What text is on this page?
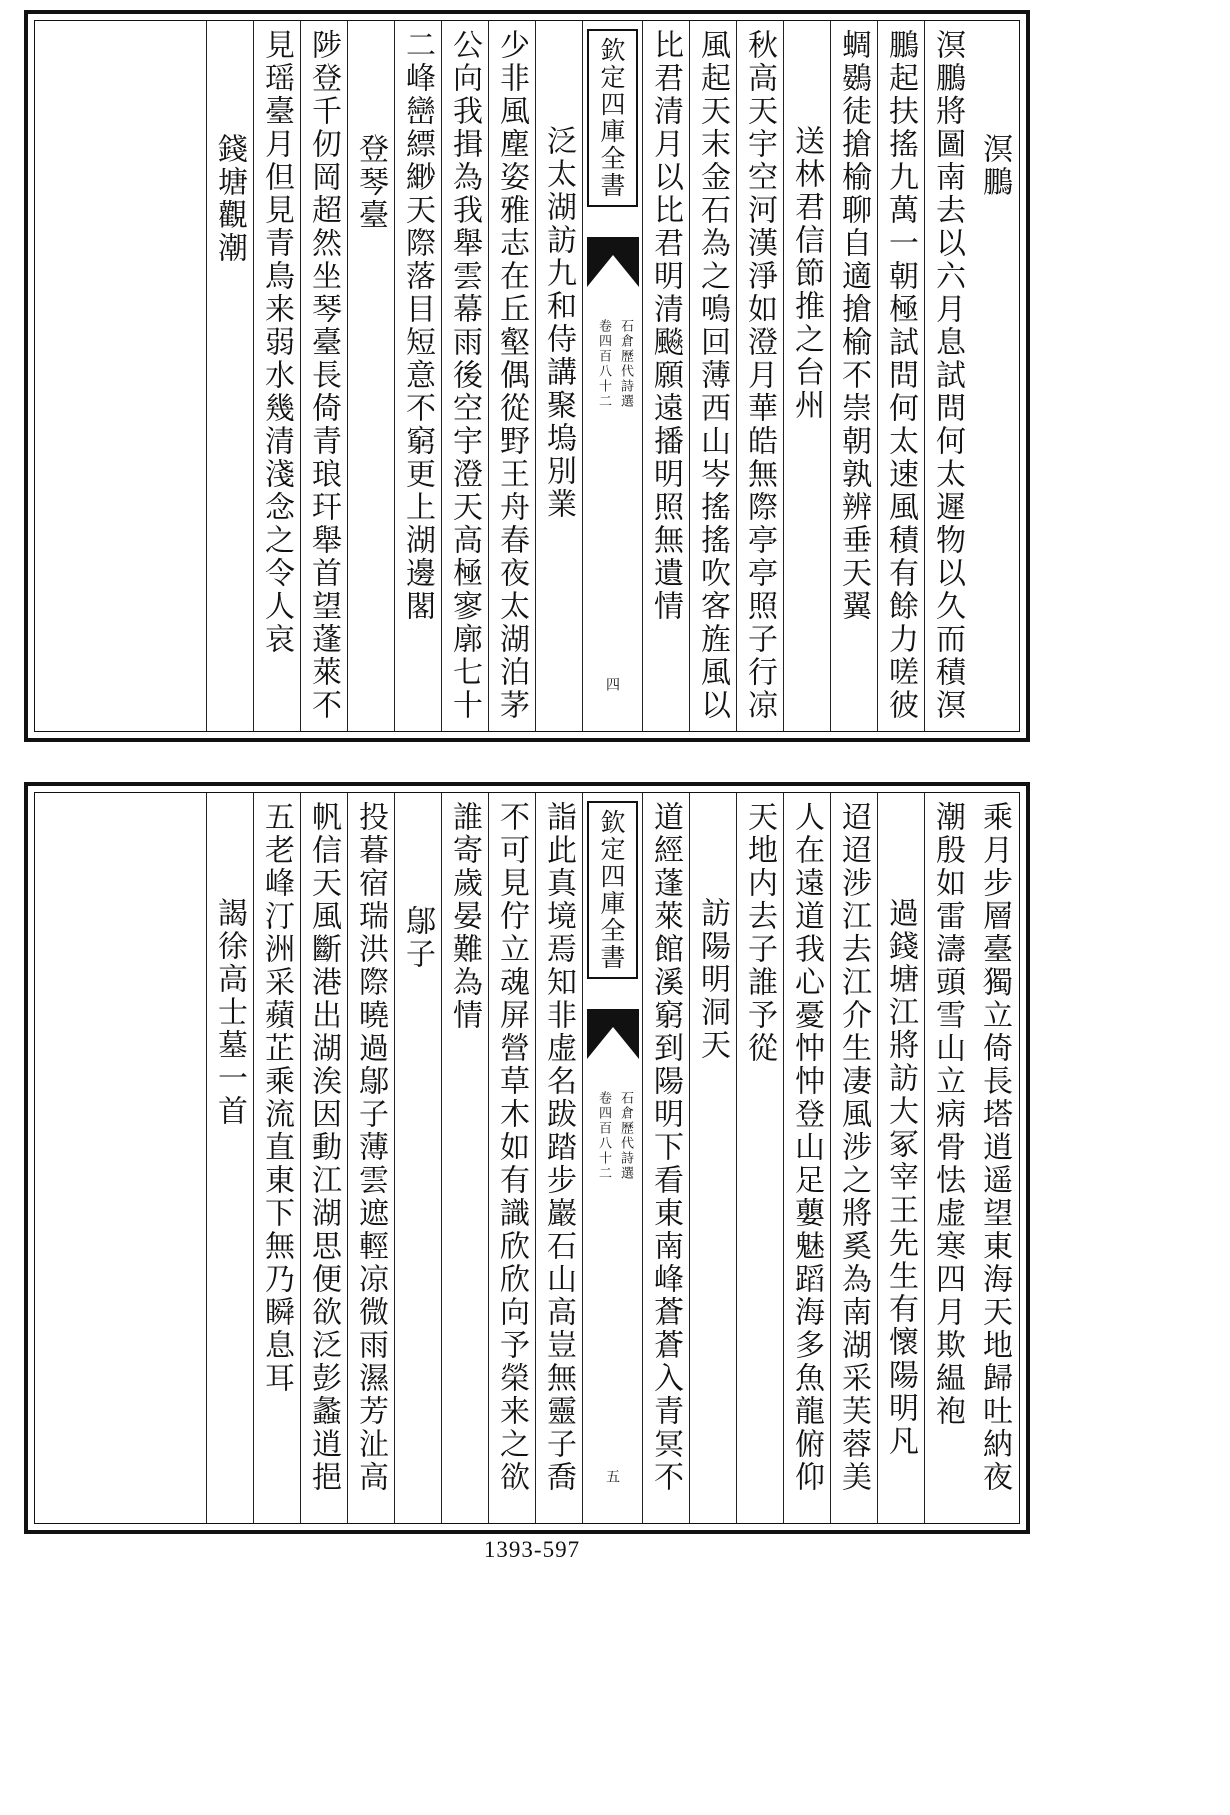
溟鵬
溟鵬將圖南去以六月息試問何太遲物以久而積溟
鵬起扶搖九萬一朝極試問何太速風積有餘力嗟彼
蜩鷃徒搶榆聊自適搶榆不崇朝孰辨垂天翼
送林君信節推之台州
秋高天宇空河漢淨如澄月華皓無際亭亭照子行凉
風起天末金石為之鳴回薄西山岑搖搖吹客旌風以
比君清月以比君明清飈願遠播明照無遺情
欽定四庫全書
石倉歷代詩選
卷四百八十二
四
泛太湖訪九和侍講聚塢別業
少非風塵姿雅志在丘壑偶從野王舟春夜太湖泊茅
公向我揖為我舉雲幕雨後空宇澄天高極寥廓七十
二峰巒縹緲天際落目短意不窮更上湖邊閣
登琴臺
陟登千仞岡超然坐琴臺長倚青琅玕舉首望蓬萊不
見瑶臺月但見青鳥来弱水幾清淺念之令人哀
錢塘觀潮
乘月步層臺獨立倚長塔逍遥望東海天地歸吐納夜
潮殷如雷濤頭雪山立病骨怯虚寒四月欺緼袍
過錢塘江將訪大冢宰王先生有懷陽明凡
迢迢涉江去江介生凄風涉之將奚為南湖采芙蓉美
人在遠道我心憂忡忡登山足蘡魅蹈海多魚龍俯仰
天地内去子誰予從
訪陽明洞天
道經蓬萊館溪窮到陽明下看東南峰蒼蒼入青冥不
欽定四庫全書
石倉歷代詩選
卷四百八十二
五
詣此真境焉知非虚名跋踏步巖石山高豈無靈子喬
不可見佇立魂屏營草木如有識欣欣向予榮来之欲
誰寄歲晏難為情
鄔子
投暮宿瑞洪際曉過鄔子薄雲遮輕凉微雨濕芳沚高
帆信天風斷港出湖涘因動江湖思便欲泛彭蠡逍挹
五老峰汀洲采蘋芷乘流直東下無乃瞬息耳
謁徐高士墓一首
1393-597
